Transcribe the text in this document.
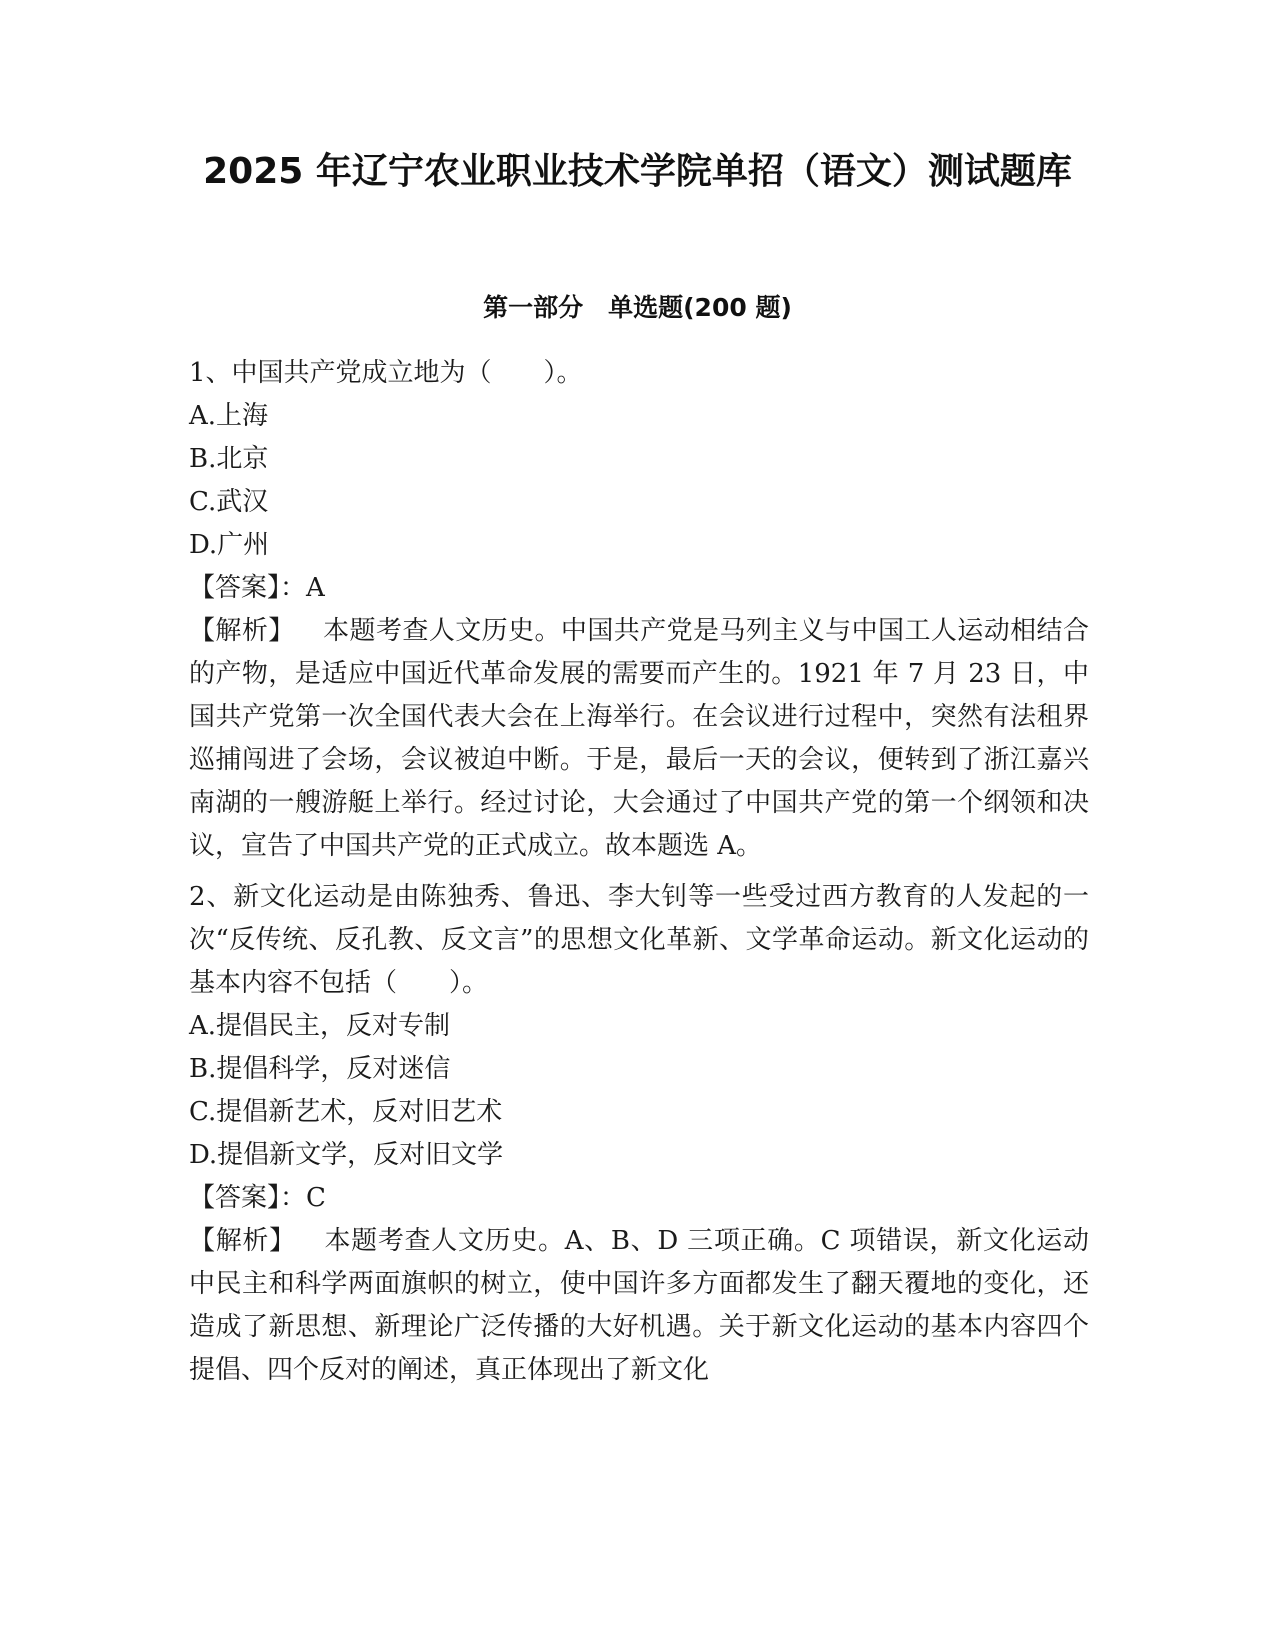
2025 年辽宁农业职业技术学院单招（语文）测试题库
第一部分　单选题(200 题)

1、中国共产党成立地为（　　）。

A.上海

B.北京

C.武汉

D.广州

【答案】：A

【解析】 本题考查人文历史。中国共产党是马列主义与中国工人运动相结合的产物，是适应中国近代革命发展的需要而产生的。1921 年 7 月 23 日，中国共产党第一次全国代表大会在上海举行。在会议进行过程中，突然有法租界巡捕闯进了会场，会议被迫中断。于是，最后一天的会议，便转到了浙江嘉兴南湖的一艘游艇上举行。经过讨论，大会通过了中国共产党的第一个纲领和决议，宣告了中国共产党的正式成立。故本题选 A。

2、新文化运动是由陈独秀、鲁迅、李大钊等一些受过西方教育的人发起的一次“反传统、反孔教、反文言”的思想文化革新、文学革命运动。新文化运动的基本内容不包括（　　）。

A.提倡民主，反对专制

B.提倡科学，反对迷信

C.提倡新艺术，反对旧艺术

D.提倡新文学，反对旧文学

【答案】：C

【解析】 本题考查人文历史。A、B、D 三项正确。C 项错误，新文化运动中民主和科学两面旗帜的树立，使中国许多方面都发生了翻天覆地的变化，还造成了新思想、新理论广泛传播的大好机遇。关于新文化运动的基本内容四个提倡、四个反对的阐述，真正体现出了新文化
